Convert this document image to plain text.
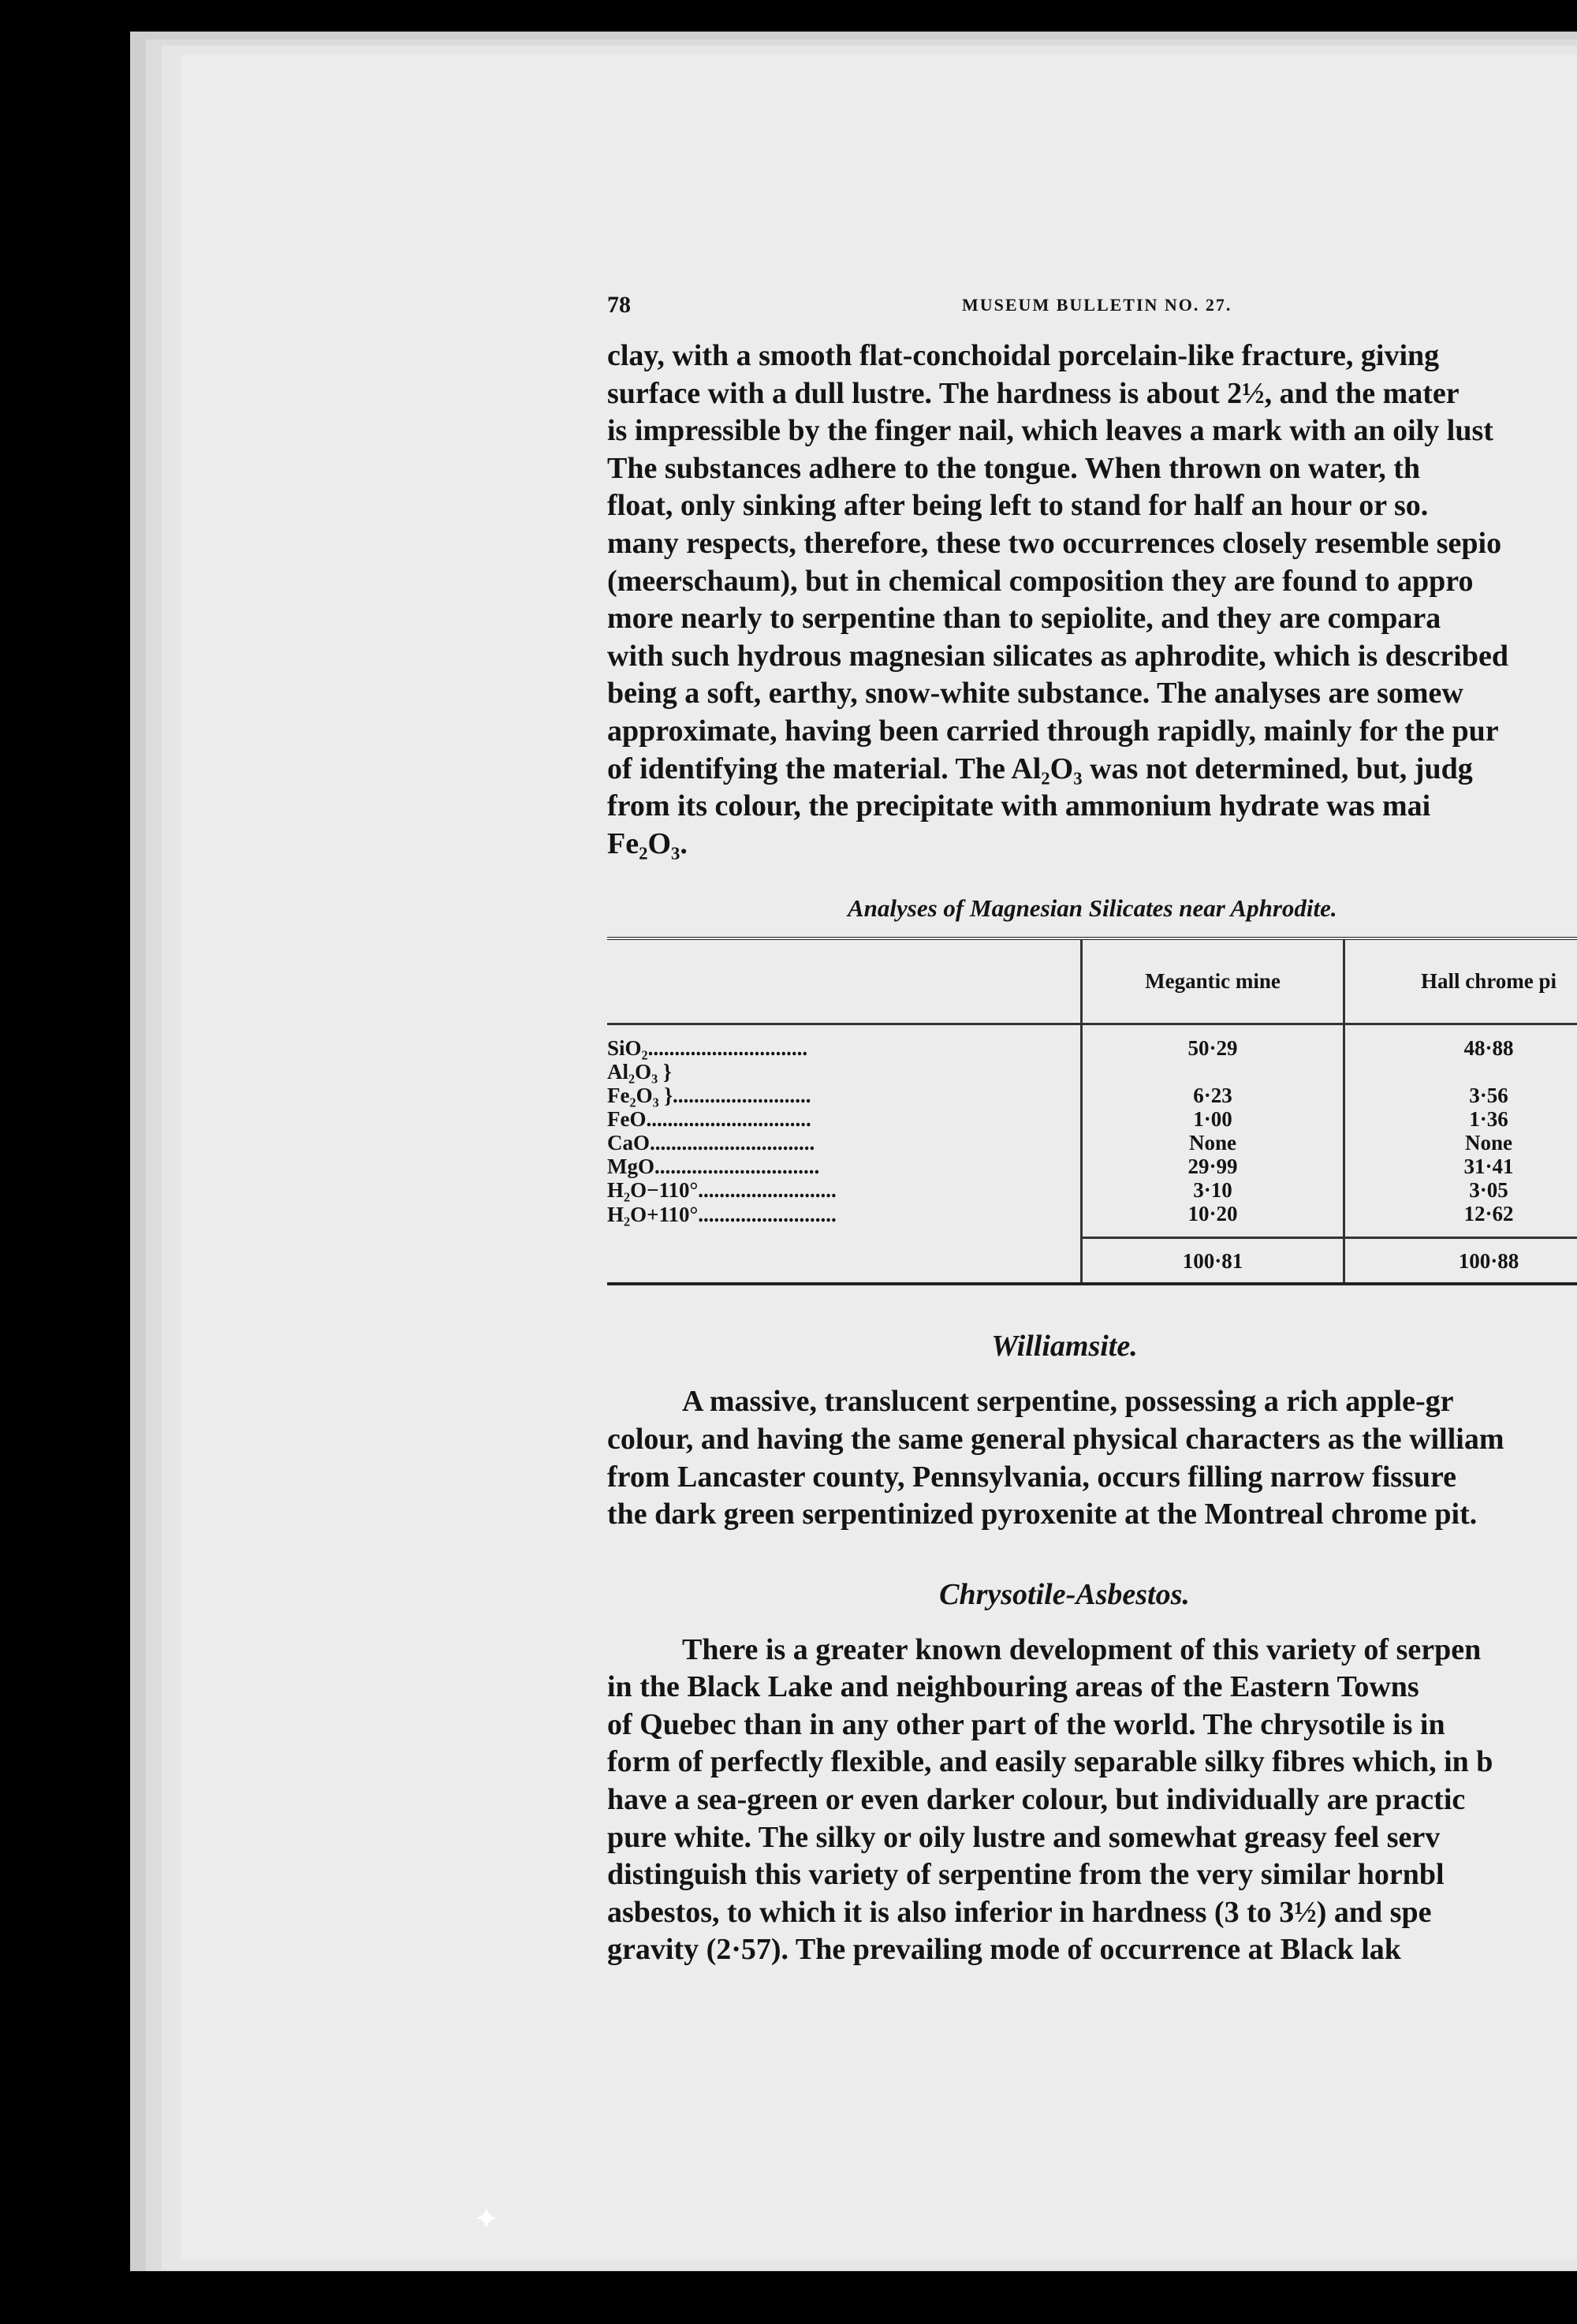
78	MUSEUM BULLETIN NO. 27.

clay, with a smooth flat-conchoidal porcelain-like fracture, giving
surface with a dull lustre. The hardness is about 2½, and the mater
is impressible by the finger nail, which leaves a mark with an oily lust
The substances adhere to the tongue. When thrown on water, th
float, only sinking after being left to stand for half an hour or so.
many respects, therefore, these two occurrences closely resemble sepio
(meerschaum), but in chemical composition they are found to appro
more nearly to serpentine than to sepiolite, and they are compara
with such hydrous magnesian silicates as aphrodite, which is described
being a soft, earthy, snow-white substance. The analyses are somew
approximate, having been carried through rapidly, mainly for the pur
of identifying the material. The Al₂O₃ was not determined, but, judg
from its colour, the precipitate with ammonium hydrate was mai
Fe₂O₃.

Analyses of Magnesian Silicates near Aphrodite.
	Megantic mine	Hall chrome pi
SiO₂..............................	50·29	48·88
Al₂O₃ }		
Fe₂O₃ }..........................	6·23	3·56
FeO...............................	1·00	1·36
CaO...............................	None	None
MgO...............................	29·99	31·41
H₂O−110°..........................	3·10	3·05
H₂O+110°..........................	10·20	12·62
	100·81	100·88
Williamsite.

A massive, translucent serpentine, possessing a rich apple-gr
colour, and having the same general physical characters as the william
from Lancaster county, Pennsylvania, occurs filling narrow fissure
the dark green serpentinized pyroxenite at the Montreal chrome pit.

Chrysotile-Asbestos.

There is a greater known development of this variety of serpen
in the Black Lake and neighbouring areas of the Eastern Towns
of Quebec than in any other part of the world. The chrysotile is in
form of perfectly flexible, and easily separable silky fibres which, in b
have a sea-green or even darker colour, but individually are practic
pure white. The silky or oily lustre and somewhat greasy feel serv
distinguish this variety of serpentine from the very similar hornbl
asbestos, to which it is also inferior in hardness (3 to 3½) and spe
gravity (2·57). The prevailing mode of occurrence at Black lak

✦
